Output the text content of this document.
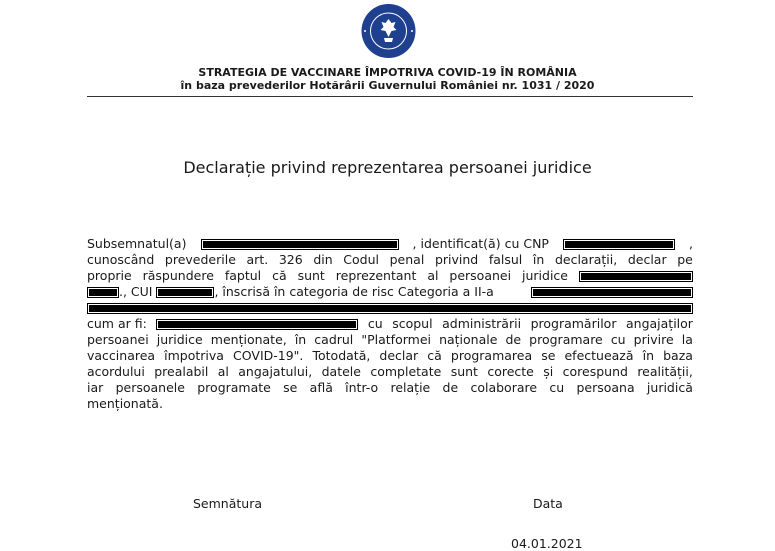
STRATEGIA DE VACCINARE ÎMPOTRIVA COVID-19 ÎN ROMÂNIA
în baza prevederilor Hotărârii Guvernului României nr. 1031 / 2020
Declarație privind reprezentarea persoanei juridice
Subsemnatul(a)	, identificat(ă) cu CNP	,
cunoscând prevederile art. 326 din Codul penal privind falsul în declarații, declar pe
proprie răspundere faptul că sunt reprezentant al persoanei juridice
., CUI	, înscrisă în categoria de risc Categoria a II-a
cum ar fi:	cu scopul administrării programărilor angajaților
persoanei juridice menționate, în cadrul "Platformei naționale de programare cu privire la
vaccinarea împotriva COVID-19". Totodată, declar că programarea se efectuează în baza
acordului prealabil al angajatului, datele completate sunt corecte și corespund realității,
iar persoanele programate se află într-o relație de colaborare cu persoana juridică
menționată.
Semnătura	Data
04.01.2021
